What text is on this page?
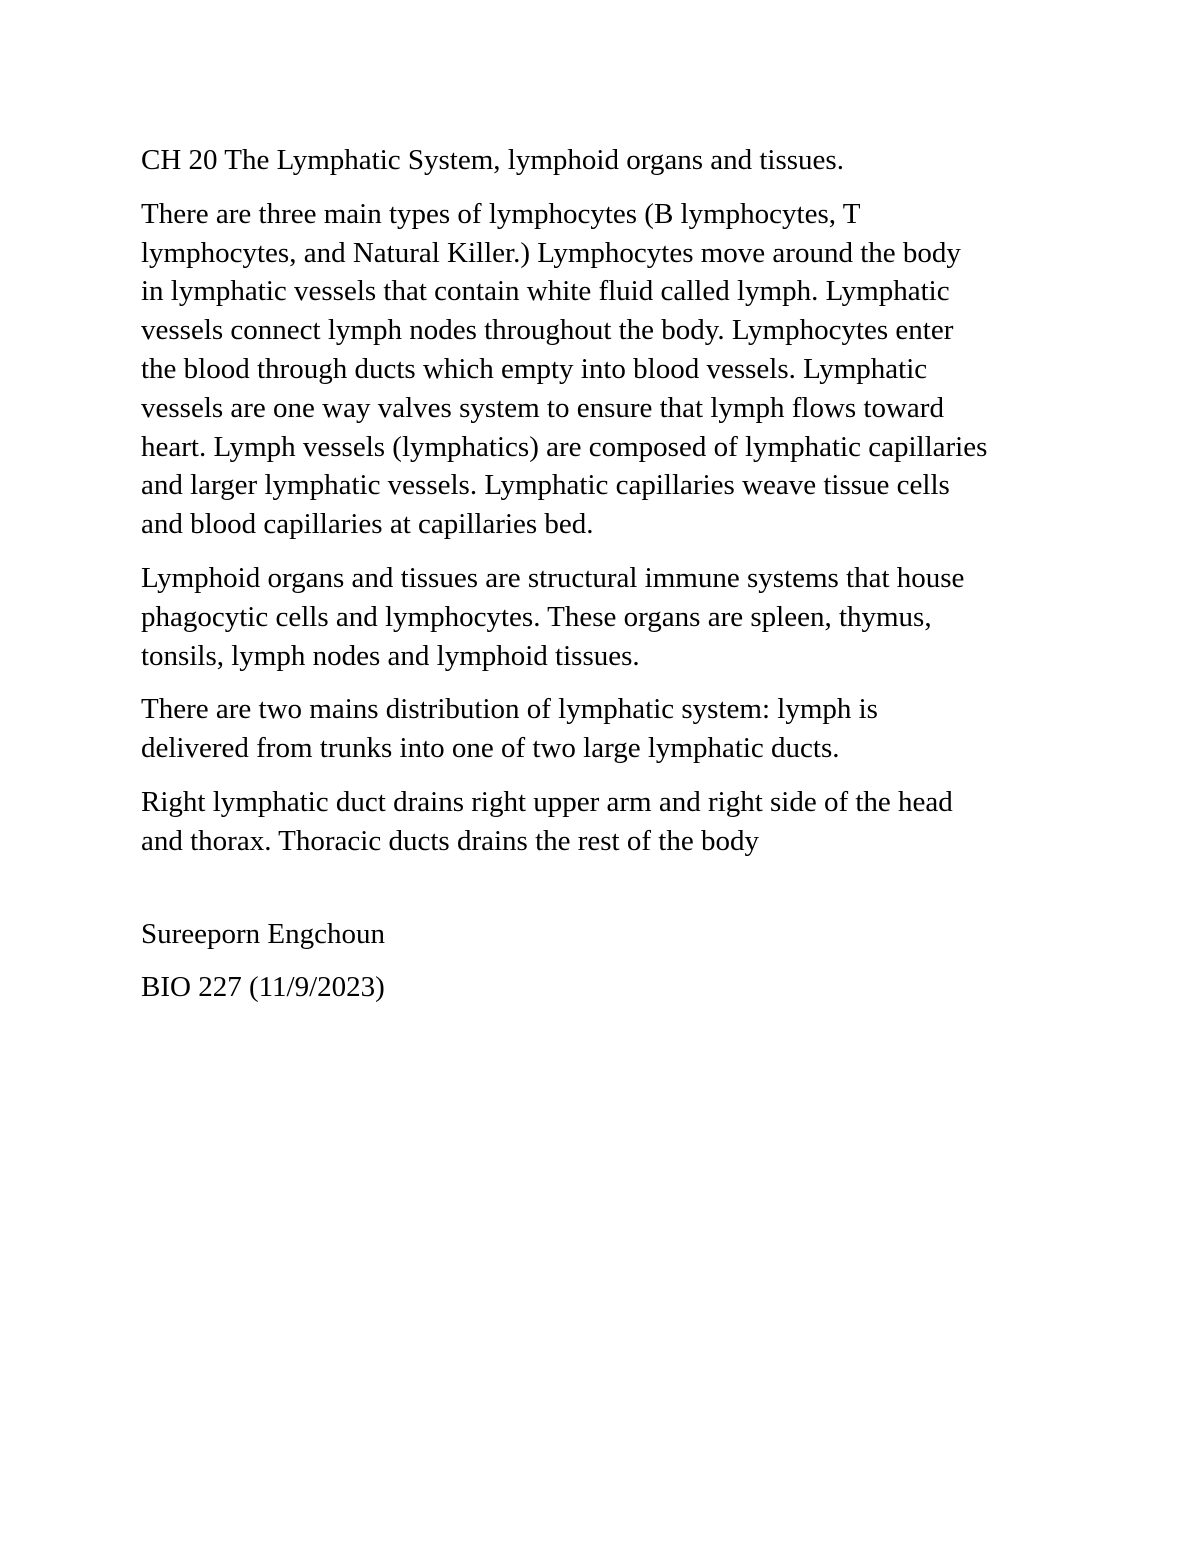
CH 20 The Lymphatic System, lymphoid organs and tissues.

There are three main types of lymphocytes (B lymphocytes, T
lymphocytes, and Natural Killer.) Lymphocytes move around the body
in lymphatic vessels that contain white fluid called lymph. Lymphatic
vessels connect lymph nodes throughout the body. Lymphocytes enter
the blood through ducts which empty into blood vessels. Lymphatic
vessels are one way valves system to ensure that lymph flows toward
heart. Lymph vessels (lymphatics) are composed of lymphatic capillaries
and larger lymphatic vessels. Lymphatic capillaries weave tissue cells
and blood capillaries at capillaries bed.

Lymphoid organs and tissues are structural immune systems that house
phagocytic cells and lymphocytes. These organs are spleen, thymus,
tonsils, lymph nodes and lymphoid tissues.

There are two mains distribution of lymphatic system: lymph is
delivered from trunks into one of two large lymphatic ducts.

Right lymphatic duct drains right upper arm and right side of the head
and thorax. Thoracic ducts drains the rest of the body

Sureeporn Engchoun

BIO 227 (11/9/2023)
